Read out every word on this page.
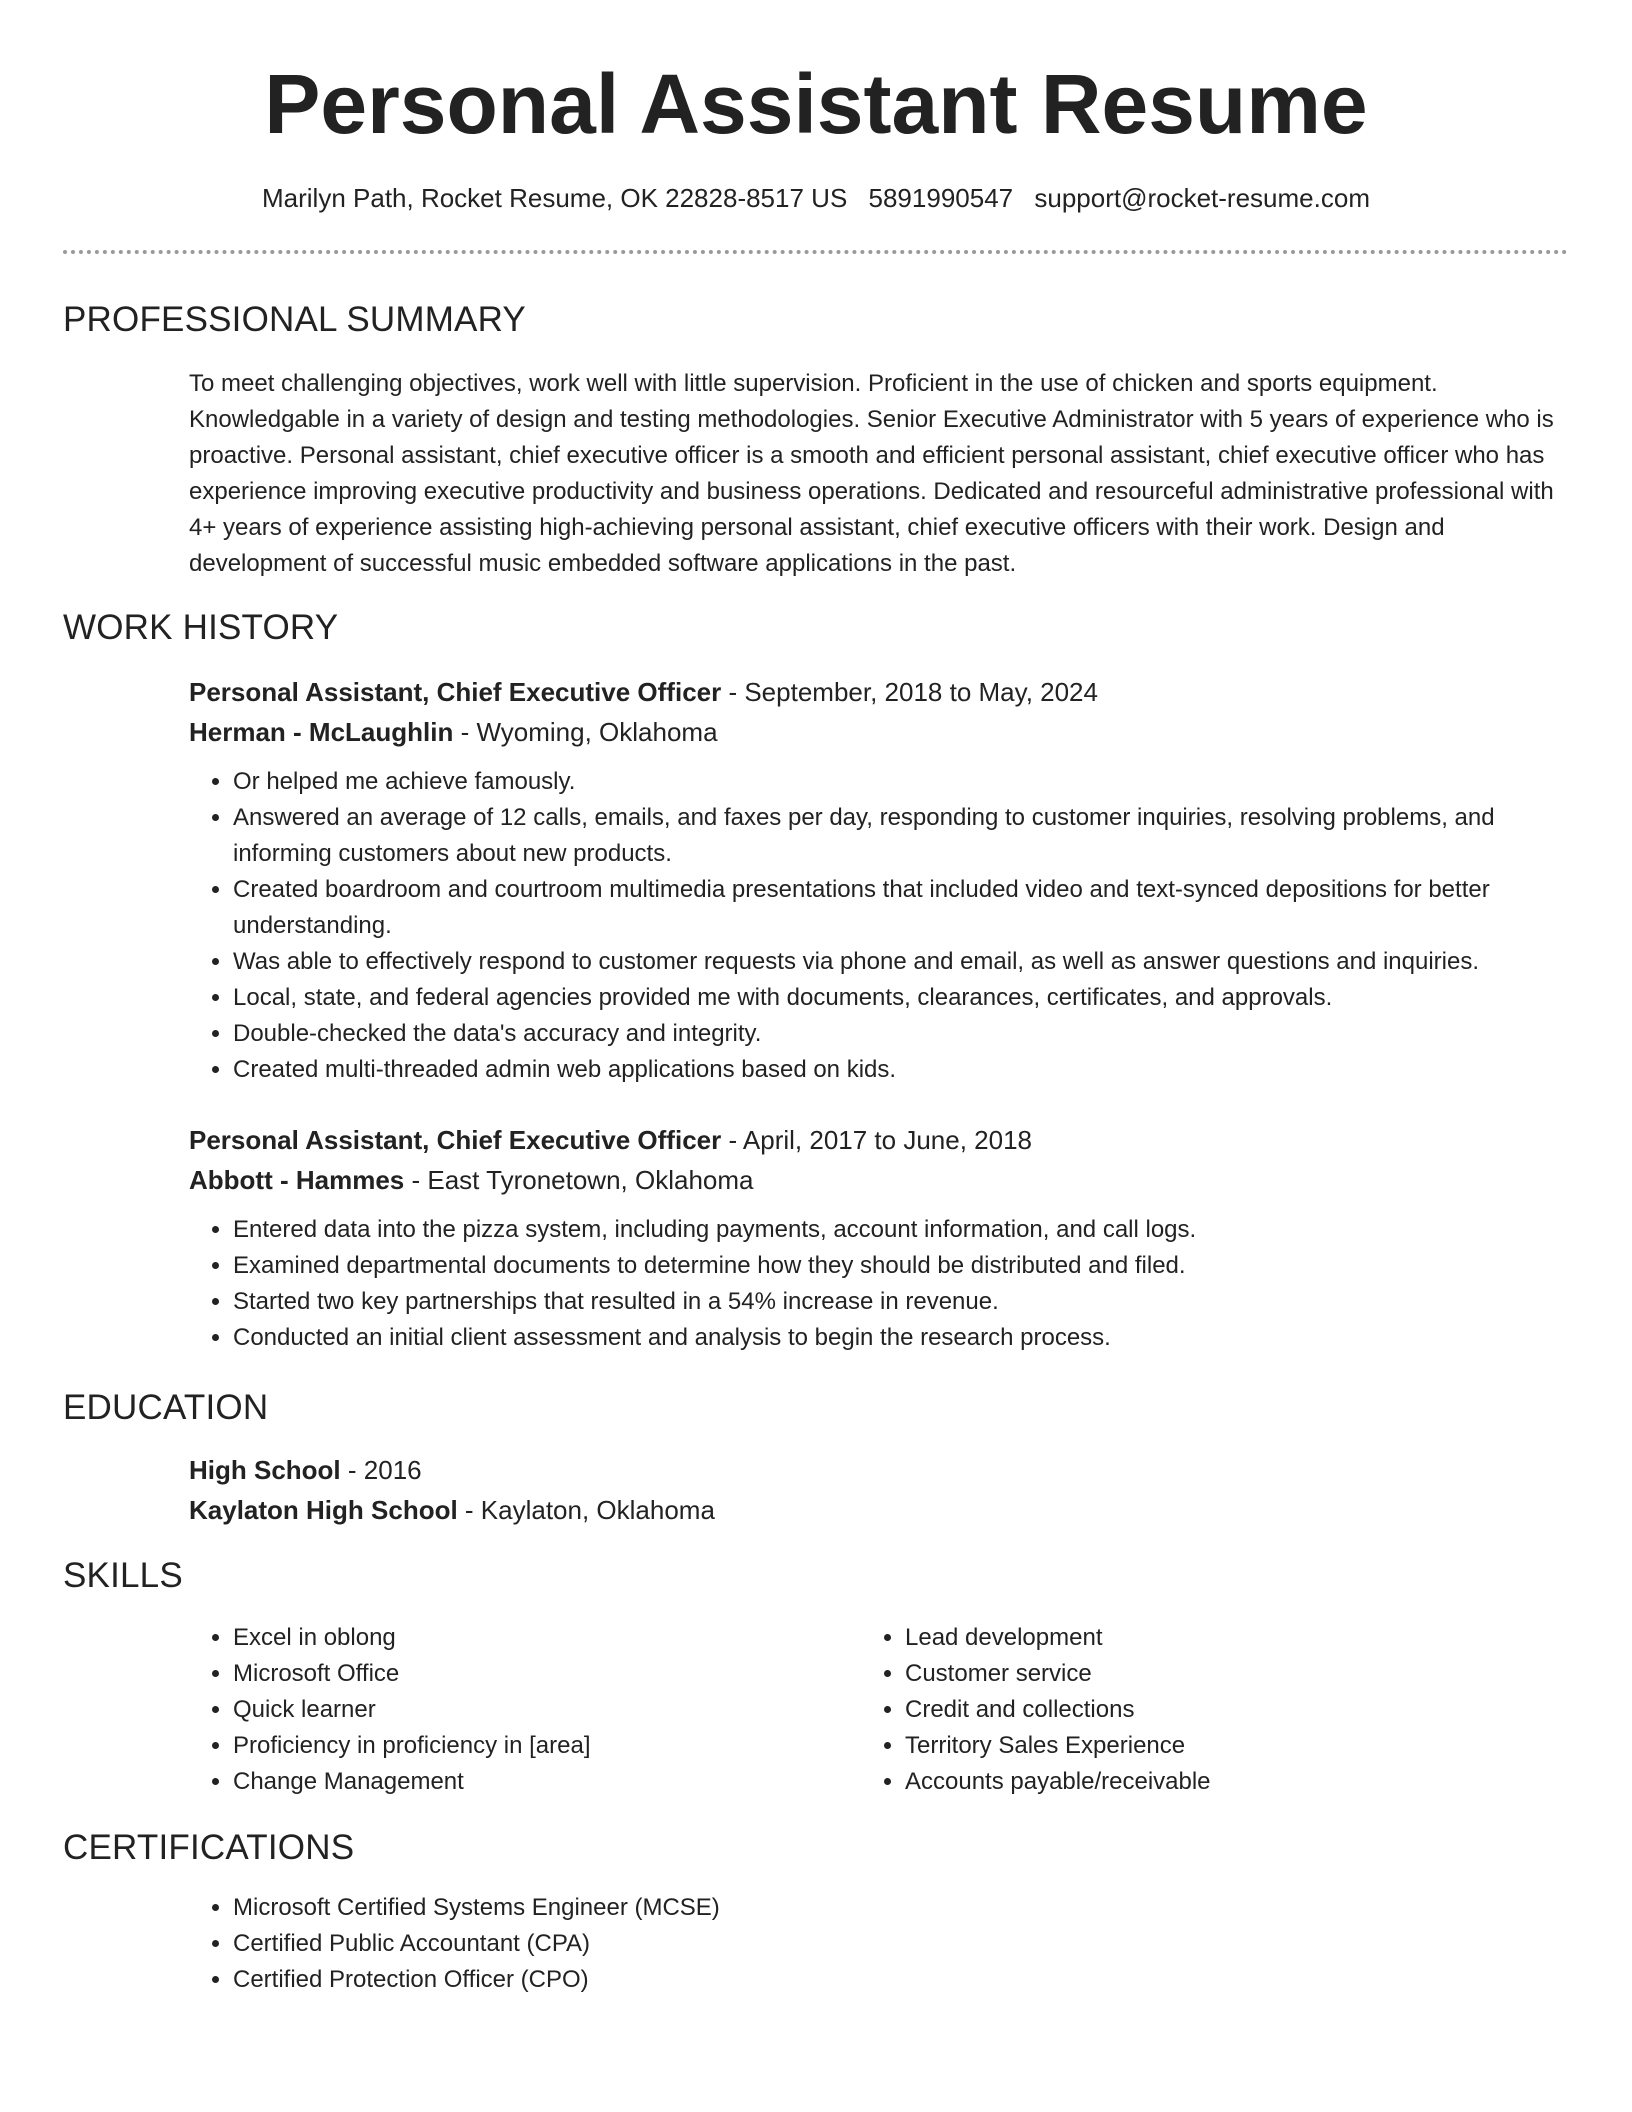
Personal Assistant Resume
Marilyn Path, Rocket Resume, OK 22828-8517 US 5891990547 support@rocket-resume.com
PROFESSIONAL SUMMARY

To meet challenging objectives, work well with little supervision. Proficient in the use of chicken and sports equipment. Knowledgable in a variety of design and testing methodologies. Senior Executive Administrator with 5 years of experience who is proactive. Personal assistant, chief executive officer is a smooth and efficient personal assistant, chief executive officer who has experience improving executive productivity and business operations. Dedicated and resourceful administrative professional with 4+ years of experience assisting high-achieving personal assistant, chief executive officers with their work. Design and development of successful music embedded software applications in the past.

WORK HISTORY

Personal Assistant, Chief Executive Officer - September, 2018 to May, 2024

Herman - McLaughlin - Wyoming, Oklahoma

• Or helped me achieve famously.
• Answered an average of 12 calls, emails, and faxes per day, responding to customer inquiries, resolving problems, and informing customers about new products.
• Created boardroom and courtroom multimedia presentations that included video and text-synced depositions for better understanding.
• Was able to effectively respond to customer requests via phone and email, as well as answer questions and inquiries.
• Local, state, and federal agencies provided me with documents, clearances, certificates, and approvals.
• Double-checked the data's accuracy and integrity.
• Created multi-threaded admin web applications based on kids.

Personal Assistant, Chief Executive Officer - April, 2017 to June, 2018

Abbott - Hammes - East Tyronetown, Oklahoma

• Entered data into the pizza system, including payments, account information, and call logs.
• Examined departmental documents to determine how they should be distributed and filed.
• Started two key partnerships that resulted in a 54% increase in revenue.
• Conducted an initial client assessment and analysis to begin the research process.
EDUCATION

High School - 2016

Kaylaton High School - Kaylaton, Oklahoma

SKILLS
• Excel in oblong
• Microsoft Office
• Quick learner
• Proficiency in proficiency in [area]
• Change Management
• Lead development
• Customer service
• Credit and collections
• Territory Sales Experience
• Accounts payable/receivable
CERTIFICATIONS
• Microsoft Certified Systems Engineer (MCSE)
• Certified Public Accountant (CPA)
• Certified Protection Officer (CPO)
